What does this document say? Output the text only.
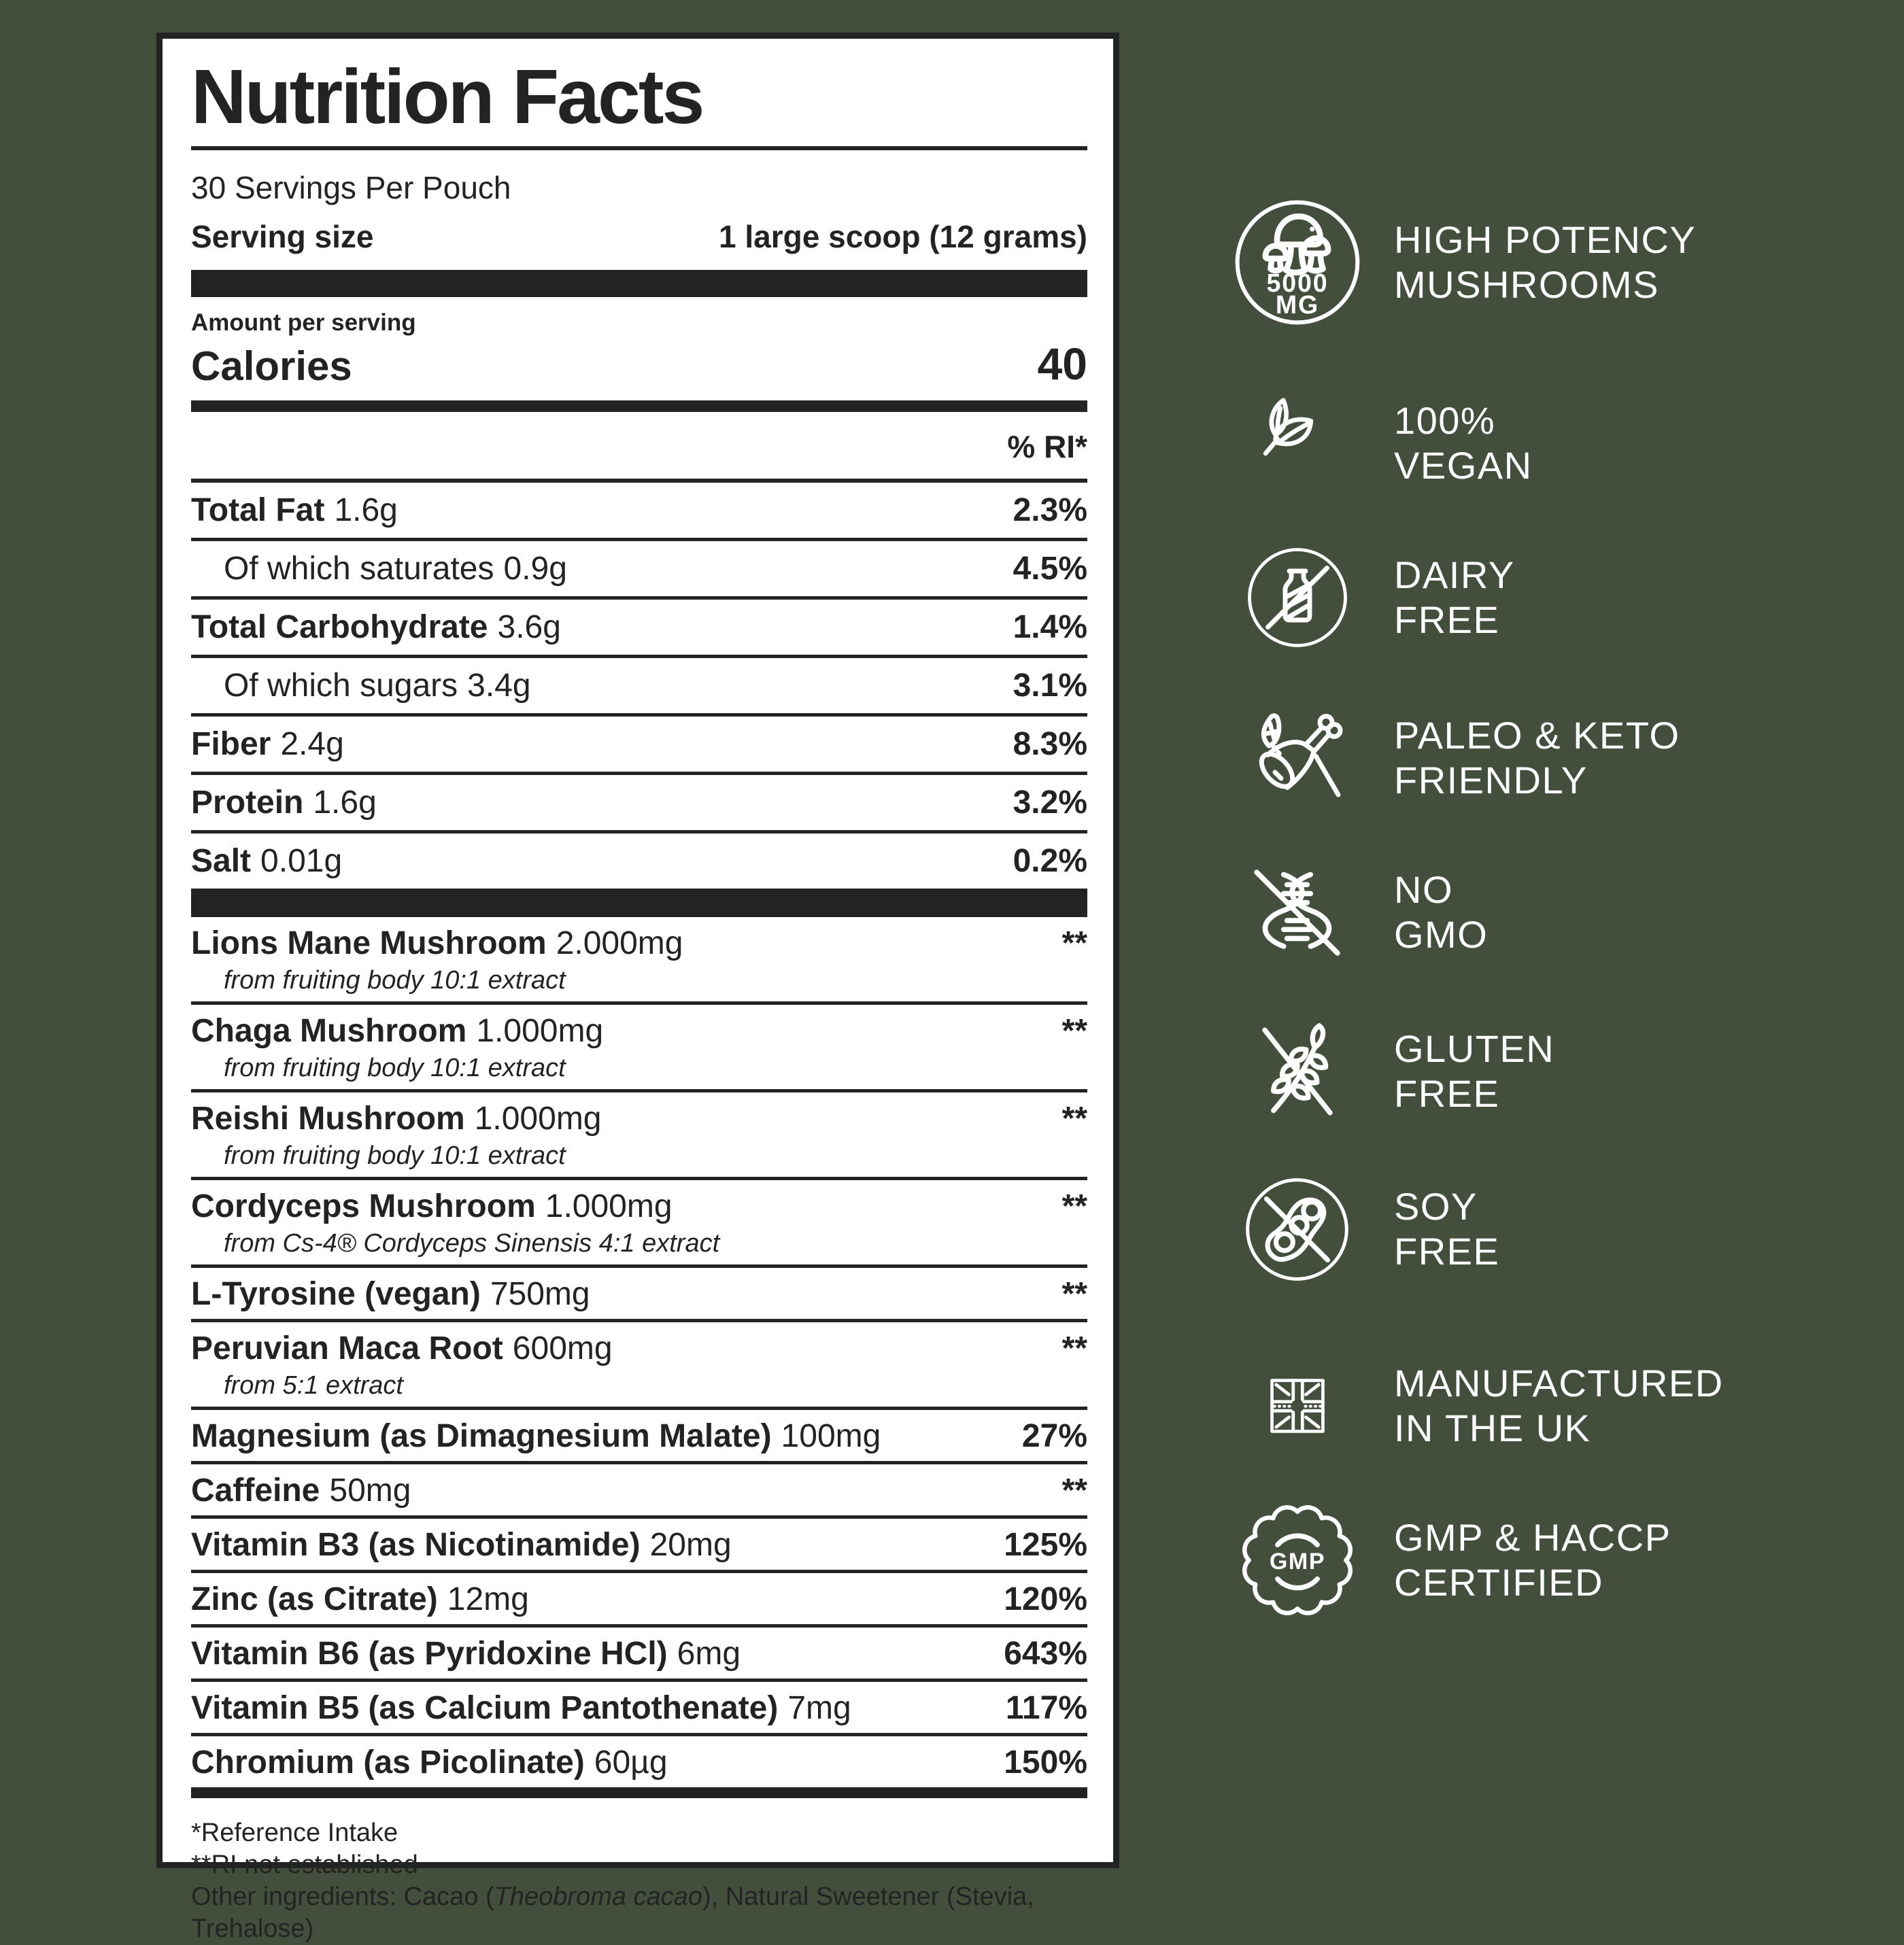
Nutrition Facts
30 Servings Per Pouch
Serving size	1 large scoop (12 grams)
Amount per serving
Calories	40
% RI*
Total Fat 1.6g	2.3%
Of which saturates 0.9g	4.5%
Total Carbohydrate 3.6g	1.4%
Of which sugars 3.4g	3.1%
Fiber 2.4g	8.3%
Protein 1.6g	3.2%
Salt 0.01g	0.2%
Lions Mane Mushroom 2.000mg	**
from fruiting body 10:1 extract
Chaga Mushroom 1.000mg	**
from fruiting body 10:1 extract
Reishi Mushroom 1.000mg	**
from fruiting body 10:1 extract
Cordyceps Mushroom 1.000mg	**
from Cs-4® Cordyceps Sinensis 4:1 extract
L-Tyrosine (vegan) 750mg	**
Peruvian Maca Root 600mg	**
from 5:1 extract
Magnesium (as Dimagnesium Malate) 100mg	27%
Caffeine 50mg	**
Vitamin B3 (as Nicotinamide) 20mg	125%
Zinc (as Citrate) 12mg	120%
Vitamin B6 (as Pyridoxine HCl) 6mg	643%
Vitamin B5 (as Calcium Pantothenate) 7mg	117%
Chromium (as Picolinate) 60µg	150%
*Reference Intake
**RI not established
Other ingredients: Cacao (Theobroma cacao), Natural Sweetener (Stevia, Trehalose)
5000
MG
HIGH POTENCY
MUSHROOMS
100%
VEGAN
DAIRY
FREE
PALEO & KETO
FRIENDLY
NO
GMO
GLUTEN
FREE
SOY
FREE
MANUFACTURED
IN THE UK
GMP
GMP & HACCP
CERTIFIED
